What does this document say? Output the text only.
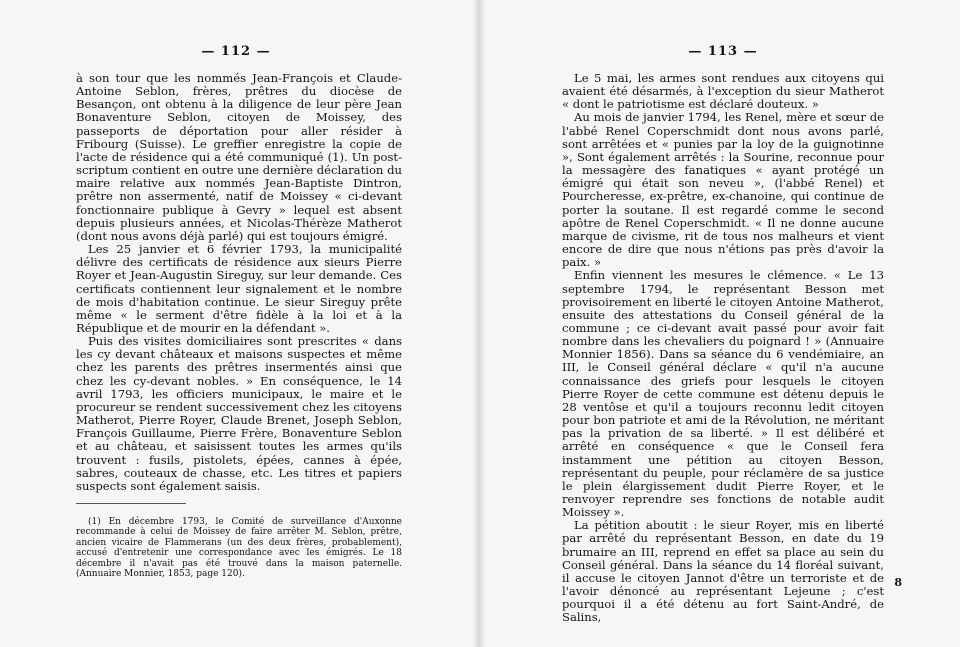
— 112 —

à son tour que les nommés Jean-François et Claude-Antoine Seblon, frères, prêtres du diocèse de Besançon, ont obtenu à la diligence de leur père Jean Bonaventure Seblon, citoyen de Moissey, des passeports de déportation pour aller résider à Fribourg (Suisse). Le greffier enregistre la copie de l'acte de résidence qui a été communiqué (1). Un post-scriptum contient en outre une dernière déclaration du maire relative aux nommés Jean-Baptiste Dintron, prêtre non assermenté, natif de Moissey « ci-devant fonctionnaire publique à Gevry » lequel est absent depuis plusieurs années, et Nicolas-Thérèze Matherot (dont nous avons déjà parlé) qui est toujours émigré.

Les 25 janvier et 6 février 1793, la municipalité délivre des certificats de résidence aux sieurs Pierre Royer et Jean-Augustin Sireguy, sur leur demande. Ces certificats contiennent leur signalement et le nombre de mois d'habitation continue. Le sieur Sireguy prête même « le serment d'être fidèle à la loi et à la République et de mourir en la défendant ».

Puis des visites domiciliaires sont prescrites « dans les cy devant châteaux et maisons suspectes et même chez les parents des prêtres insermentés ainsi que chez les cy-devant nobles. » En conséquence, le 14 avril 1793, les officiers municipaux, le maire et le procureur se rendent successivement chez les citoyens Matherot, Pierre Royer, Claude Brenet, Joseph Seblon, François Guillaume, Pierre Frère, Bonaventure Seblon et au château, et saisissent toutes les armes qu'ils trouvent : fusils, pistolets, épées, cannes à épée, sabres, couteaux de chasse, etc. Les titres et papiers suspects sont également saisis.

(1) En décembre 1793, le Comité de surveillance d'Auxonne recommande à celui de Moissey de faire arrêter M. Seblon, prêtre, ancien vicaire de Flammerans (un des deux frères, probablement), accusé d'entretenir une correspondance avec les émigrés. Le 18 décembre il n'avait pas été trouvé dans la maison paternelle. (Annuaire Monnier, 1853, page 120).

— 113 —

Le 5 mai, les armes sont rendues aux citoyens qui avaient été désarmés, à l'exception du sieur Matherot « dont le patriotisme est déclaré douteux. »

Au mois de janvier 1794, les Renel, mère et sœur de l'abbé Renel Coperschmidt dont nous avons parlé, sont arrêtées et « punies par la loy de la guignotinne », Sont également arrêtés : la Sourine, reconnue pour la messagère des fanatiques « ayant protégé un émigré qui était son neveu », (l'abbé Renel) et Pourcheresse, ex-prêtre, ex-chanoine, qui continue de porter la soutane. Il est regardé comme le second apôtre de Renel Coperschmidt. « Il ne donne aucune marque de civisme, rit de tous nos malheurs et vient encore de dire que nous n'étions pas près d'avoir la paix. »

Enfin viennent les mesures le clémence. « Le 13 septembre 1794, le représentant Besson met provisoirement en liberté le citoyen Antoine Matherot, ensuite des attestations du Conseil général de la commune ; ce ci-devant avait passé pour avoir fait nombre dans les chevaliers du poignard ! » (Annuaire Monnier 1856). Dans sa séance du 6 vendémiaire, an III, le Conseil général déclare « qu'il n'a aucune connaissance des griefs pour lesquels le citoyen Pierre Royer de cette commune est détenu depuis le 28 ventôse et qu'il a toujours reconnu ledit citoyen pour bon patriote et ami de la Révolution, ne méritant pas la privation de sa liberté. » Il est délibéré et arrêté en conséquence « que le Conseil fera instamment une pétition au citoyen Besson, représentant du peuple, pour réclamère de sa justice le plein élargissement dudit Pierre Royer, et le renvoyer reprendre ses fonctions de notable audit Moissey ».

La pétition aboutit : le sieur Royer, mis en liberté par arrêté du représentant Besson, en date du 19 brumaire an III, reprend en effet sa place au sein du Conseil général. Dans la séance du 14 floréal suivant, il accuse le citoyen Jannot d'être un terroriste et de l'avoir dénoncé au représentant Lejeune ; c'est pourquoi il a été détenu au fort Saint-André, de Salins,

8
